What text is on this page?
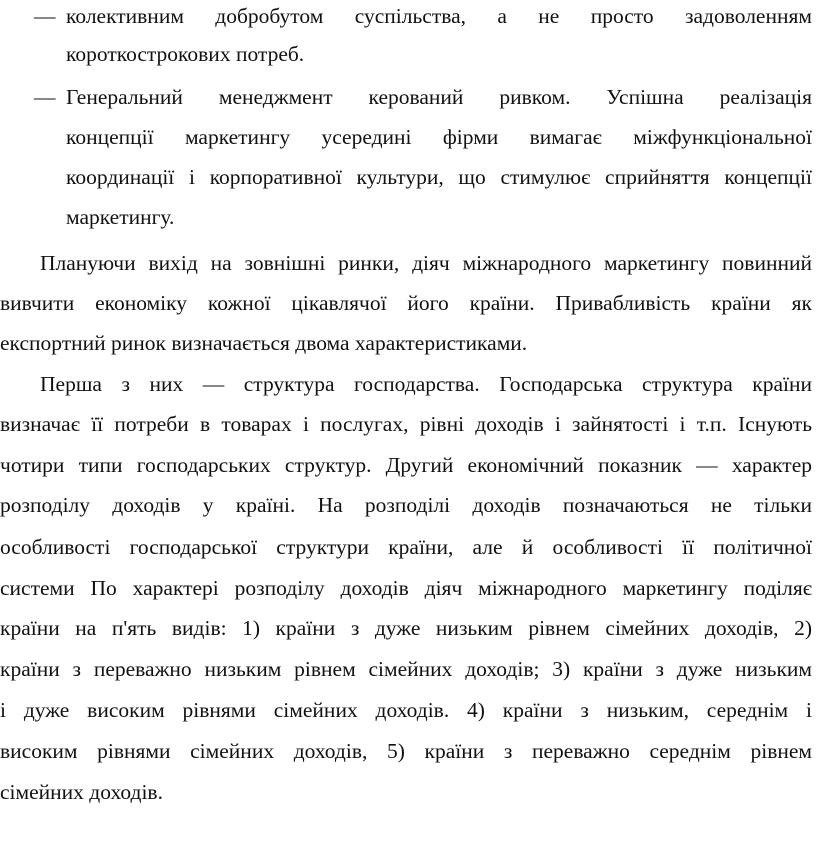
— колективним добробутом суспільства, а не просто задоволенням
короткострокових потреб.
— Генеральний менеджмент керований ривком. Успішна реалізація
концепції маркетингу усередині фірми вимагає міжфункціональної
координації і корпоративної культури, що стимулює сприйняття концепції
маркетингу.
Плануючи вихід на зовнішні ринки, діяч міжнародного маркетингу повинний
вивчити економіку кожної цікавлячої його країни. Привабливість країни як
експортний ринок визначається двома характеристиками.
Перша з них — структура господарства. Господарська структура країни
визначає її потреби в товарах і послугах, рівні доходів і зайнятості і т.п. Існують
чотири типи господарських структур. Другий економічний показник — характер
розподілу доходів у країні. На розподілі доходів позначаються не тільки
особливості господарської структури країни, але й особливості її політичної
системи По характері розподілу доходів діяч міжнародного маркетингу поділяє
країни на п'ять видів: 1) країни з дуже низьким рівнем сімейних доходів, 2)
країни з переважно низьким рівнем сімейних доходів; 3) країни з дуже низьким
і дуже високим рівнями сімейних доходів. 4) країни з низьким, середнім і
високим рівнями сімейних доходів, 5) країни з переважно середнім рівнем
сімейних доходів.
